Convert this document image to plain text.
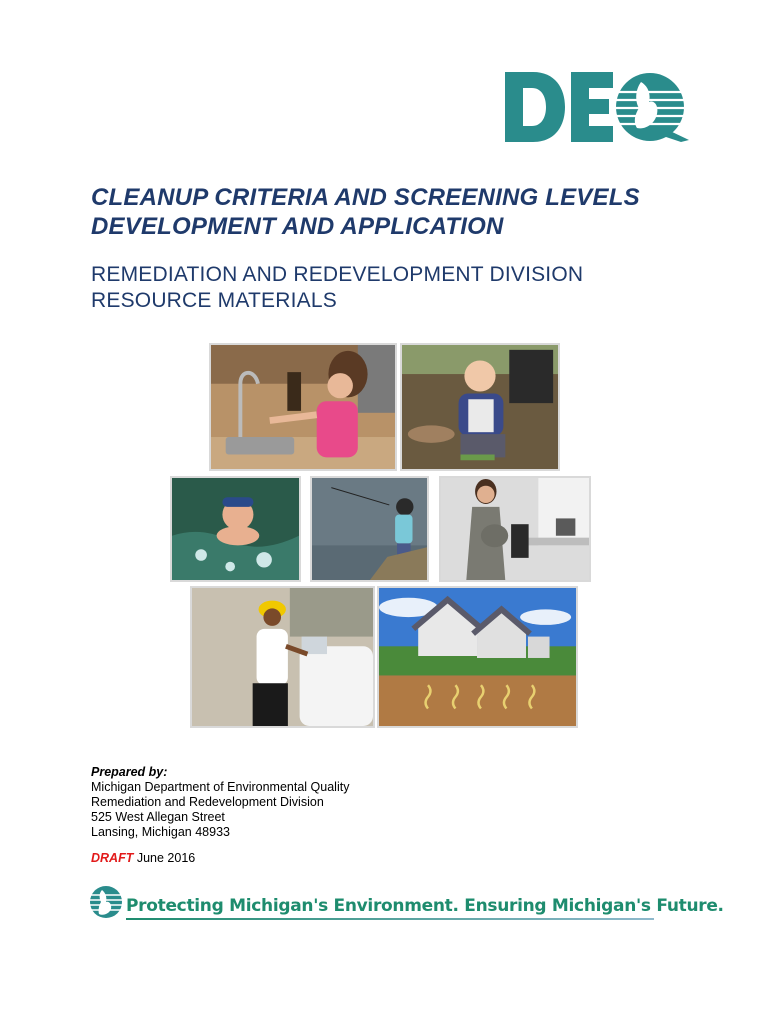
CLEANUP CRITERIA AND SCREENING LEVELS
DEVELOPMENT AND APPLICATION
REMEDIATION AND REDEVELOPMENT DIVISION
RESOURCE MATERIALS
Prepared by:
Michigan Department of Environmental Quality
Remediation and Redevelopment Division
525 West Allegan Street
Lansing, Michigan 48933
DRAFT June 2016
Protecting Michigan's Environment. Ensuring Michigan's Future.
